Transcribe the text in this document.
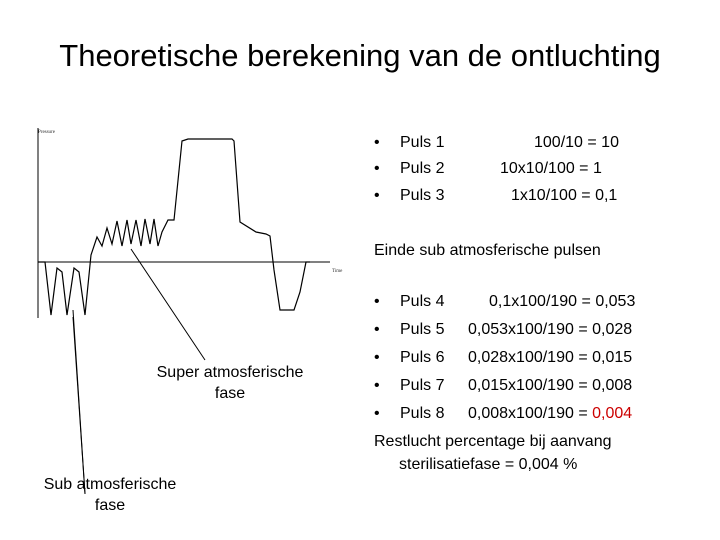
Theoretische berekening van de ontluchting
Pressure
Time
Super atmosferische
fase
Sub atmosferische
fase
• Puls 1	100/10 = 10
• Puls 2	10x10/100 = 1
• Puls 3	1x10/100 = 0,1
Einde sub atmosferische pulsen
• Puls 4	0,1x100/190 = 0,053
• Puls 5 0,053x100/190 = 0,028
• Puls 6 0,028x100/190 = 0,015
• Puls 7 0,015x100/190 = 0,008
• Puls 8 0,008x100/190 = 0,004
Restlucht percentage bij aanvang
sterilisatiefase = 0,004 %
